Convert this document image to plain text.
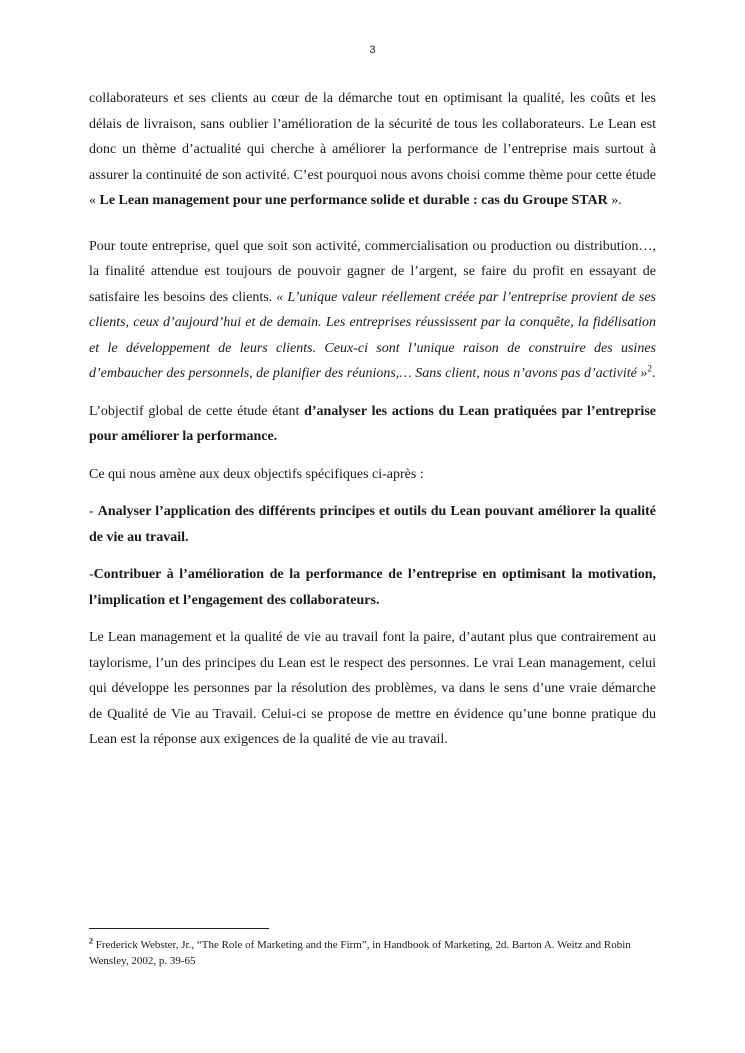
3

collaborateurs et ses clients au cœur de la démarche tout en optimisant la qualité, les coûts et les délais de livraison, sans oublier l’amélioration de la sécurité de tous les collaborateurs. Le Lean est donc un thème d’actualité qui cherche à améliorer la performance de l’entreprise mais surtout à assurer la continuité de son activité. C’est pourquoi nous avons choisi comme thème pour cette étude « Le Lean management pour une performance solide et durable : cas du Groupe STAR ».

Pour toute entreprise, quel que soit son activité, commercialisation ou production ou distribution…, la finalité attendue est toujours de pouvoir gagner de l’argent, se faire du profit en essayant de satisfaire les besoins des clients. « L’unique valeur réellement créée par l’entreprise provient de ses clients, ceux d’aujourd’hui et de demain. Les entreprises réussissent par la conquête, la fidélisation et le développement de leurs clients. Ceux-ci sont l’unique raison de construire des usines d’embaucher des personnels, de planifier des réunions,… Sans client, nous n’avons pas d’activité »$^2$.

L’objectif global de cette étude étant d’analyser les actions du Lean pratiquées par l’entreprise pour améliorer la performance.

Ce qui nous amène aux deux objectifs spécifiques ci-après :

- Analyser l’application des différents principes et outils du Lean pouvant améliorer la qualité de vie au travail.

-Contribuer à l’amélioration de la performance de l’entreprise en optimisant la motivation, l’implication et l’engagement des collaborateurs.

Le Lean management et la qualité de vie au travail font la paire, d’autant plus que contrairement au taylorisme, l’un des principes du Lean est le respect des personnes. Le vrai Lean management, celui qui développe les personnes par la résolution des problèmes, va dans le sens d’une vraie démarche de Qualité de Vie au Travail. Celui-ci se propose de mettre en évidence qu’une bonne pratique du Lean est la réponse aux exigences de la qualité de vie au travail.

$^2$ Frederick Webster, Jr., “The Role of Marketing and the Firm”, in Handbook of Marketing, 2d. Barton A. Weitz and Robin Wensley, 2002, p. 39-65
